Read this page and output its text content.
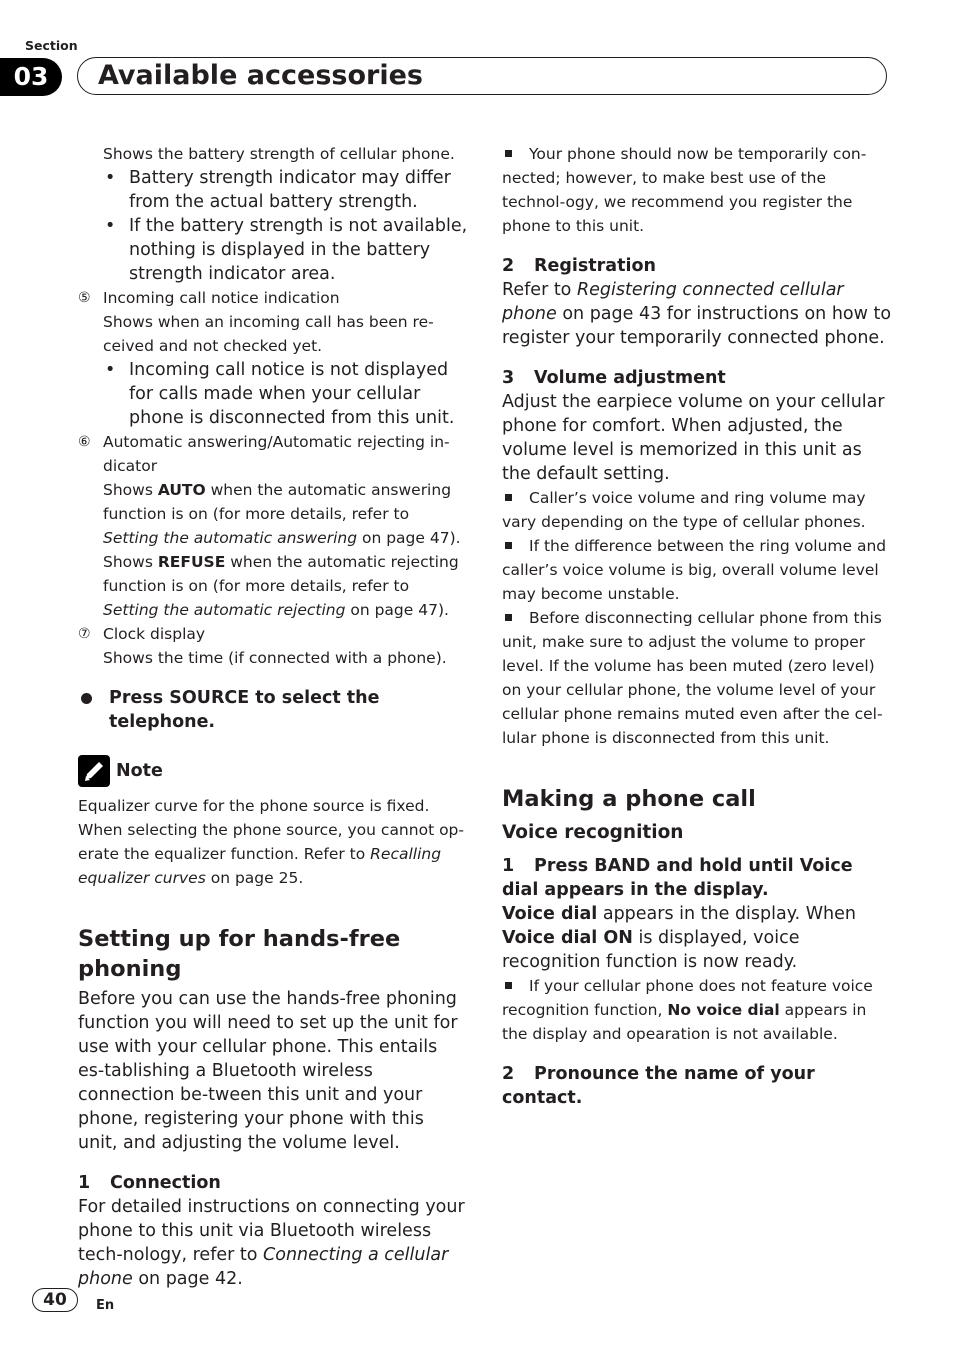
Section
03	Available accessories

Shows the battery strength of cellular phone.

• Battery strength indicator may differ from the actual battery strength.
• If the battery strength is not available, nothing is displayed in the battery strength indicator area.
⑤ Incoming call notice indication

Shows when an incoming call has been re-ceived and not checked yet.

• Incoming call notice is not displayed for calls made when your cellular phone is disconnected from this unit.
⑥ Automatic answering/Automatic rejecting in-dicator

Shows AUTO when the automatic answering function is on (for more details, refer to Setting the automatic answering on page 47).

Shows REFUSE when the automatic rejecting function is on (for more details, refer to Setting the automatic rejecting on page 47).

⑦ Clock display

Shows the time (if connected with a phone).

Press SOURCE to select the telephone.

Note

Equalizer curve for the phone source is fixed. When selecting the phone source, you cannot op-erate the equalizer function. Refer to Recalling equalizer curves on page 25.

Setting up for hands-free phoning

Before you can use the hands-free phoning function you will need to set up the unit for use with your cellular phone. This entails es-tablishing a Bluetooth wireless connection be-tween this unit and your phone, registering your phone with this unit, and adjusting the volume level.

1 Connection

For detailed instructions on connecting your phone to this unit via Bluetooth wireless tech-nology, refer to Connecting a cellular phone on page 42.

Your phone should now be temporarily con-nected; however, to make best use of the technol-ogy, we recommend you register the phone to this unit.

2 Registration

Refer to Registering connected cellular phone on page 43 for instructions on how to register your temporarily connected phone.

3 Volume adjustment

Adjust the earpiece volume on your cellular phone for comfort. When adjusted, the volume level is memorized in this unit as the default setting.

Caller’s voice volume and ring volume may vary depending on the type of cellular phones.

If the difference between the ring volume and caller’s voice volume is big, overall volume level may become unstable.

Before disconnecting cellular phone from this unit, make sure to adjust the volume to proper level. If the volume has been muted (zero level) on your cellular phone, the volume level of your cellular phone remains muted even after the cel-lular phone is disconnected from this unit.

Making a phone call

Voice recognition

1 Press BAND and hold until Voice dial appears in the display.

Voice dial appears in the display. When Voice dial ON is displayed, voice recognition function is now ready.

If your cellular phone does not feature voice recognition function, No voice dial appears in the display and opearation is not available.

2 Pronounce the name of your contact.

40	En
